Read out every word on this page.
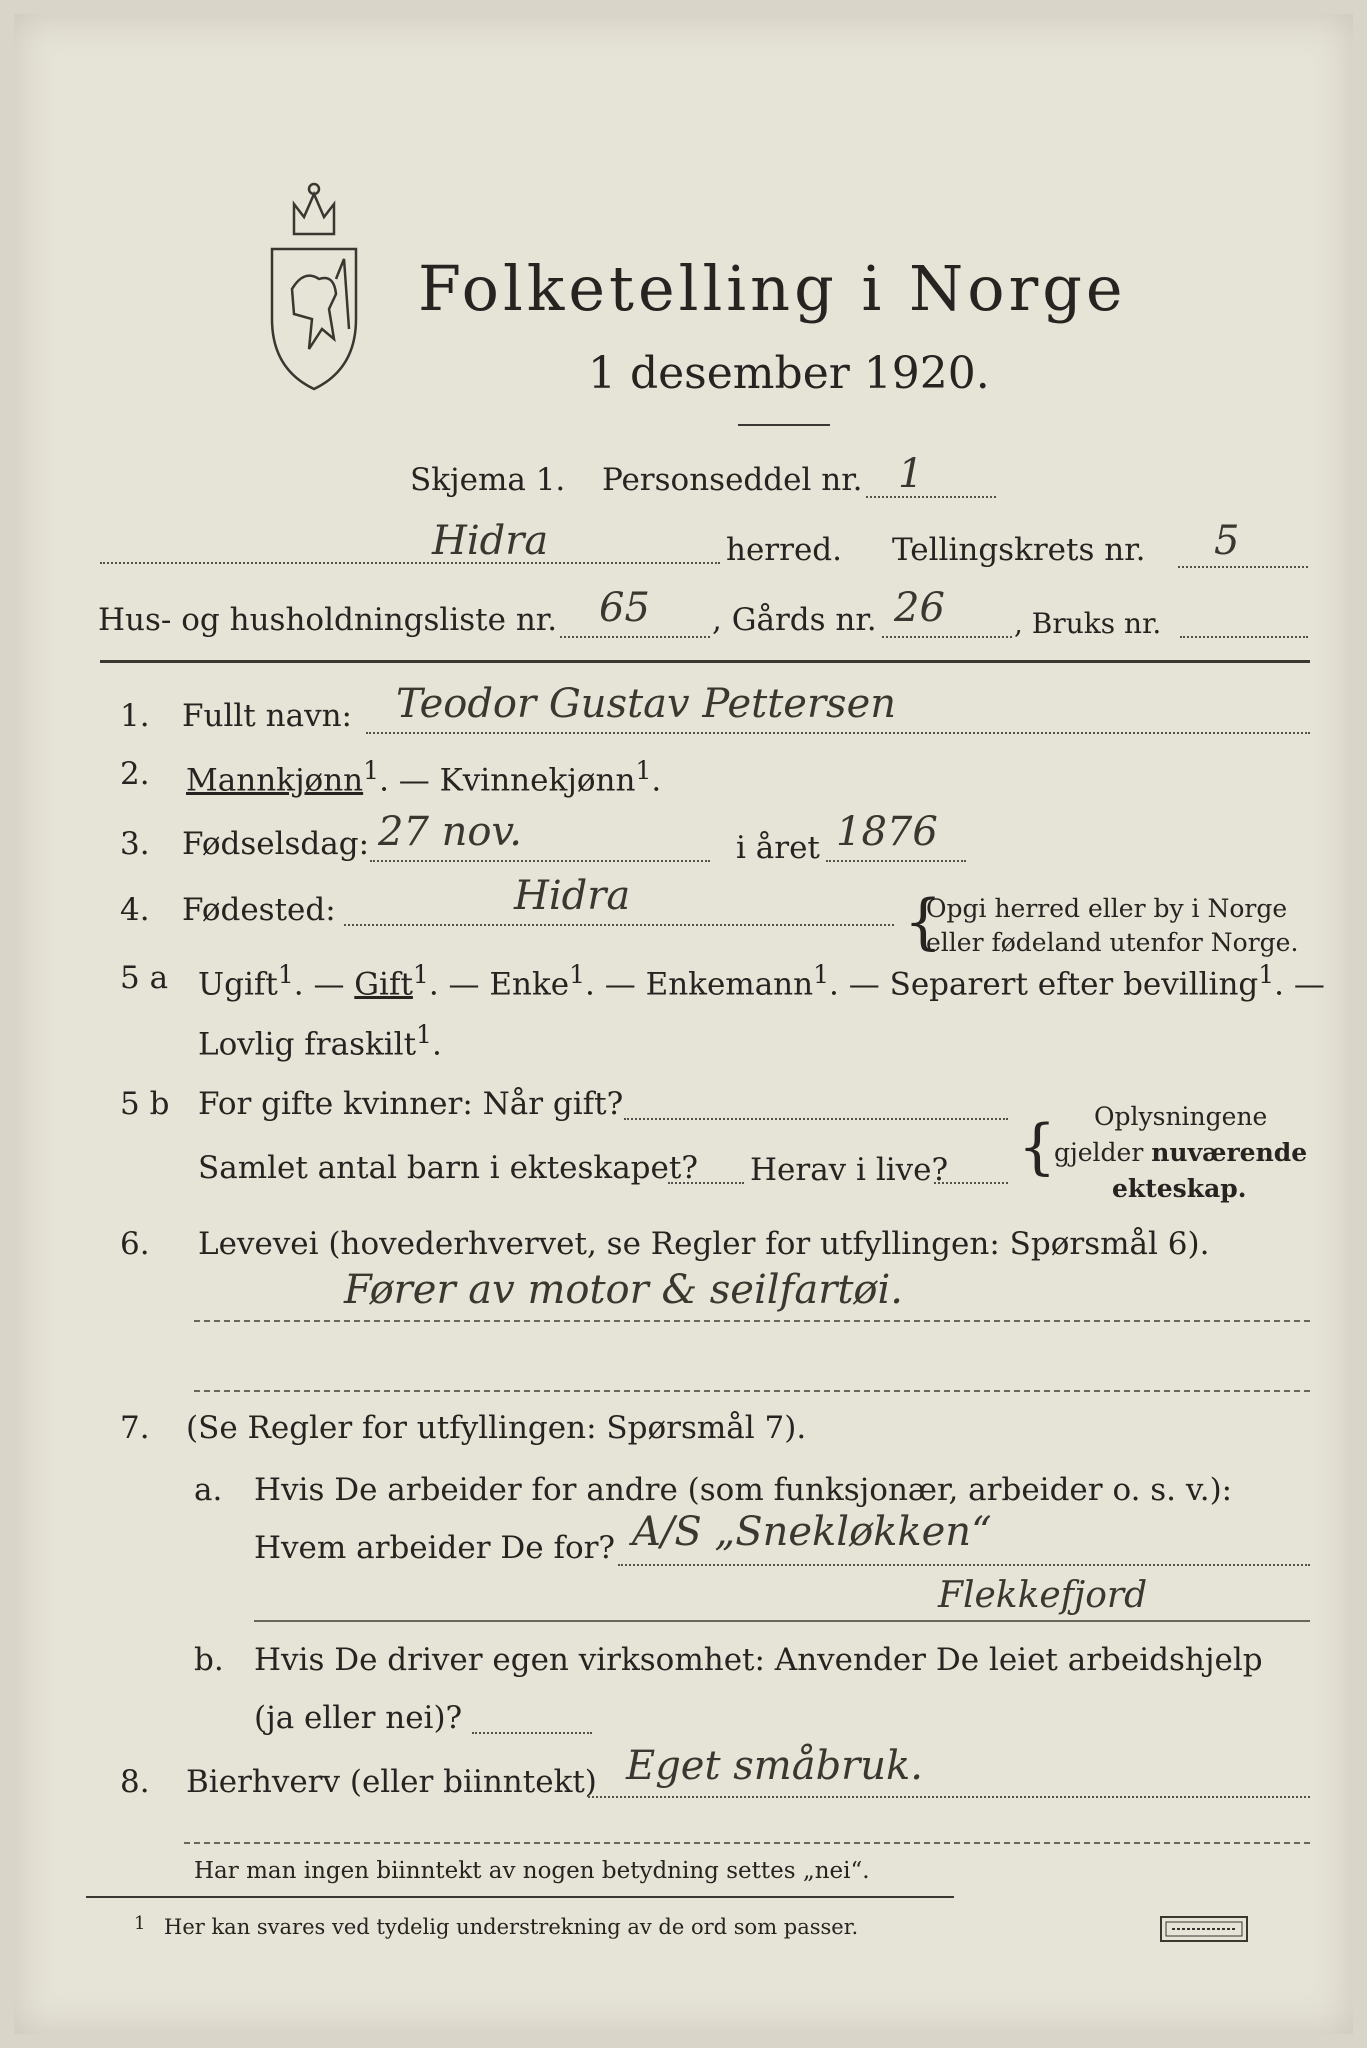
Folketelling i Norge
1 desember 1920.
Skjema 1. Personseddel nr. 1
Hidra	herred. Tellingskrets nr. 5
Hus- og husholdningsliste nr. 65 , Gårds nr. 26 , Bruks nr.
1. Fullt navn: Teodor Gustav Pettersen
2. Mannkjønn$^1$. — Kvinnekjønn$^1$.
3. Fødselsdag: 27 nov.	i året 1876
4. Fødested:	Hidra	Opgi herred eller by i Norge
eller fødeland utenfor Norge.
{
5 a Ugift$^1$. — Gift$^1$. — Enke$^1$. — Enkemann$^1$. — Separert efter bevilling$^1$. —
Lovlig fraskilt$^1$.
5 b For gifte kvinner: Når gift?
Samlet antal barn i ekteskapet? Herav i live? { Oplysningene
gjelder nuværende
ekteskap.
6. Levevei (hovederhvervet, se Regler for utfyllingen: Spørsmål 6).
Fører av motor & seilfartøi.
7. (Se Regler for utfyllingen: Spørsmål 7).
a. Hvis De arbeider for andre (som funksjonær, arbeider o. s. v.):
Hvem arbeider De for? A/S „Snekløkken“
Flekkefjord
b. Hvis De driver egen virksomhet: Anvender De leiet arbeidshjelp
(ja eller nei)?
8. Bierhverv (eller biinntekt) Eget småbruk.
Har man ingen biinntekt av nogen betydning settes „nei“.
1 Her kan svares ved tydelig understrekning av de ord som passer.
